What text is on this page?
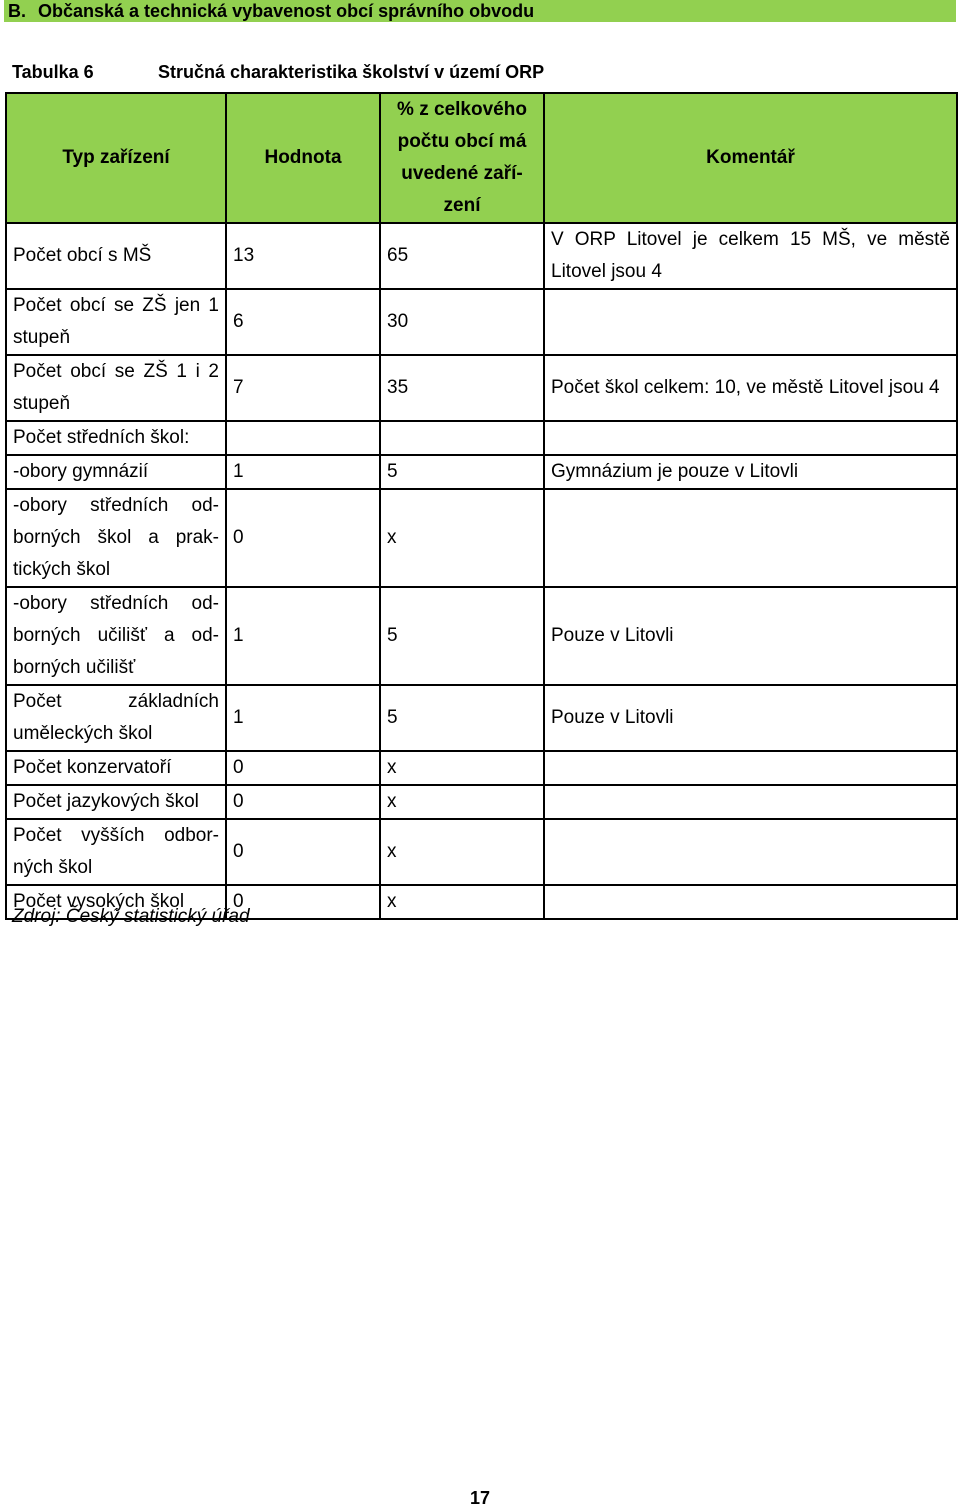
B. Občanská a technická vybavenost obcí správního obvodu
Tabulka 6	Stručná charakteristika školství v území ORP
Typ zařízení	Hodnota	% z celkového počtu obcí má uvedené zaří-zení	Komentář
Počet obcí s MŠ	13	65	V ORP Litovel je celkem 15 MŠ, ve městě Litovel jsou 4
Počet obcí se ZŠ jen 1 stupeň	6	30	
Počet obcí se ZŠ 1 i 2 stupeň	7	35	Počet škol celkem: 10, ve městě Litovel jsou 4
Počet středních škol:			
-obory gymnázií	1	5	Gymnázium je pouze v Litovli
-obory středních od-borných škol a prak-tických škol	0	x	
-obory středních od-borných učilišť a od-borných učilišť	1	5	Pouze v Litovli
Počet základních uměleckých škol	1	5	Pouze v Litovli
Počet konzervatoří	0	x	
Počet jazykových škol	0	x	
Počet vyšších odbor-ných škol	0	x	
Počet vysokých škol	0	x	
Zdroj: Český statistický úřad
17
